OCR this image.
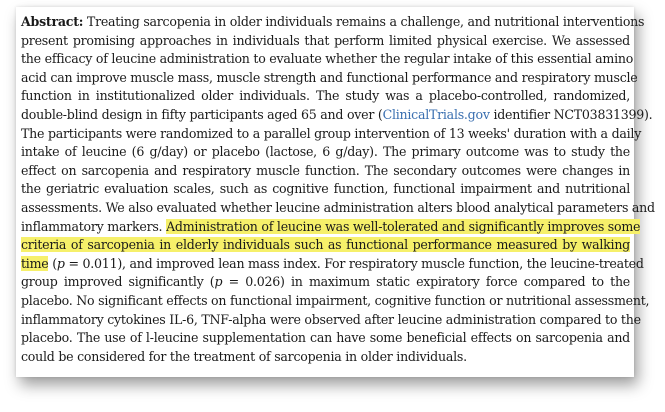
Abstract: Treating sarcopenia in older individuals remains a challenge, and nutritional interventions
present promising approaches in individuals that perform limited physical exercise. We assessed
the efficacy of leucine administration to evaluate whether the regular intake of this essential amino
acid can improve muscle mass, muscle strength and functional performance and respiratory muscle
function in institutionalized older individuals. The study was a placebo-controlled, randomized,
double-blind design in fifty participants aged 65 and over (ClinicalTrials.gov identifier NCT03831399).
The participants were randomized to a parallel group intervention of 13 weeks' duration with a daily
intake of leucine (6 g/day) or placebo (lactose, 6 g/day). The primary outcome was to study the
effect on sarcopenia and respiratory muscle function. The secondary outcomes were changes in
the geriatric evaluation scales, such as cognitive function, functional impairment and nutritional
assessments. We also evaluated whether leucine administration alters blood analytical parameters and
inflammatory markers. Administration of leucine was well-tolerated and significantly improves some
criteria of sarcopenia in elderly individuals such as functional performance measured by walking
time (p = 0.011), and improved lean mass index. For respiratory muscle function, the leucine-treated
group improved significantly (p = 0.026) in maximum static expiratory force compared to the
placebo. No significant effects on functional impairment, cognitive function or nutritional assessment,
inflammatory cytokines IL-6, TNF-alpha were observed after leucine administration compared to the
placebo. The use of l-leucine supplementation can have some beneficial effects on sarcopenia and
could be considered for the treatment of sarcopenia in older individuals.
